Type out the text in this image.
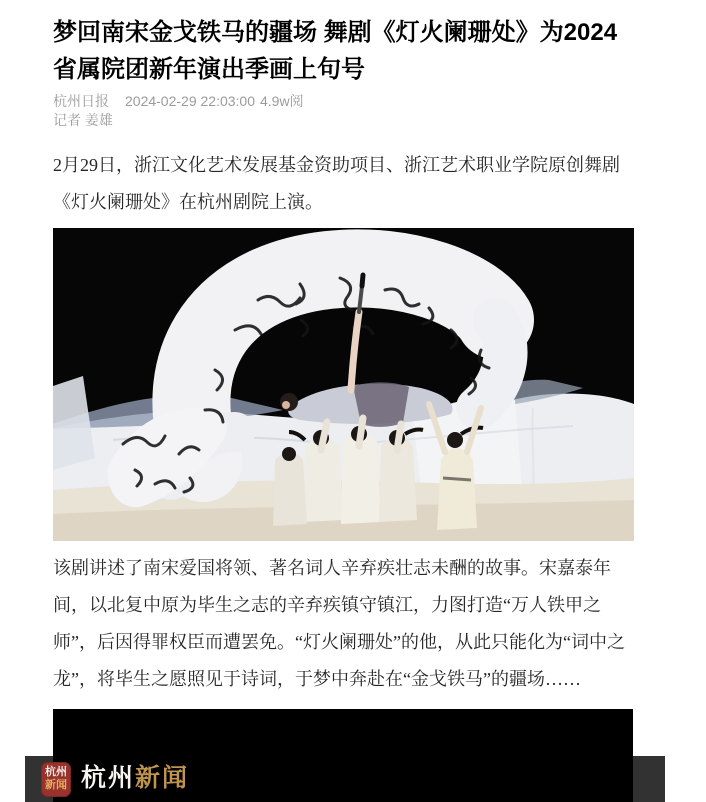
梦回南宋金戈铁马的疆场 舞剧《灯火阑珊处》为2024省属院团新年演出季画上句号
杭州日报 2024-02-29 22:03:00 4.9w阅
记者 姜雄

2月29日，浙江文化艺术发展基金资助项目、浙江艺术职业学院原创舞剧《灯火阑珊处》在杭州剧院上演。

该剧讲述了南宋爱国将领、著名词人辛弃疾壮志未酬的故事。宋嘉泰年间，以北复中原为毕生之志的辛弃疾镇守镇江，力图打造“万人铁甲之师”，后因得罪权臣而遭罢免。“灯火阑珊处”的他，从此只能化为“词中之龙”，将毕生之愿照见于诗词，于梦中奔赴在“金戈铁马”的疆场……

杭州
新闻 杭州新闻
